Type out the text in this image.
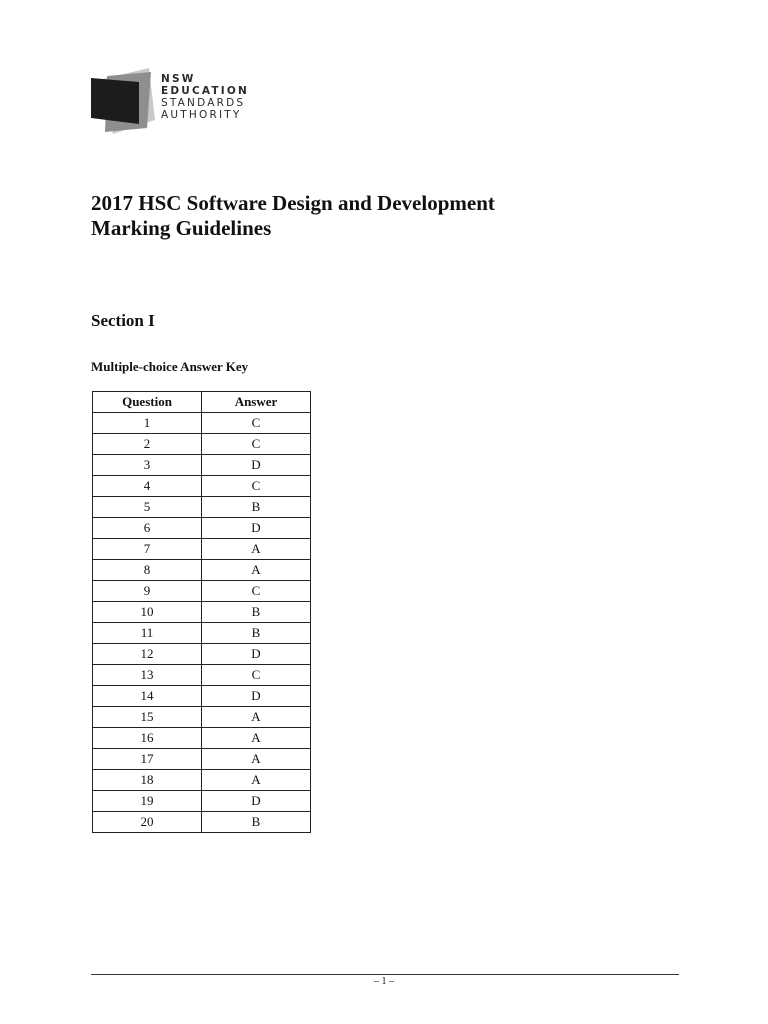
NSW
EDUCATION
STANDARDS
AUTHORITY
2017 HSC Software Design and Development
Marking Guidelines
Section I
Multiple-choice Answer Key
Question	Answer
1	C
2	C
3	D
4	C
5	B
6	D
7	A
8	A
9	C
10	B
11	B
12	D
13	C
14	D
15	A
16	A
17	A
18	A
19	D
20	B
– 1 –
